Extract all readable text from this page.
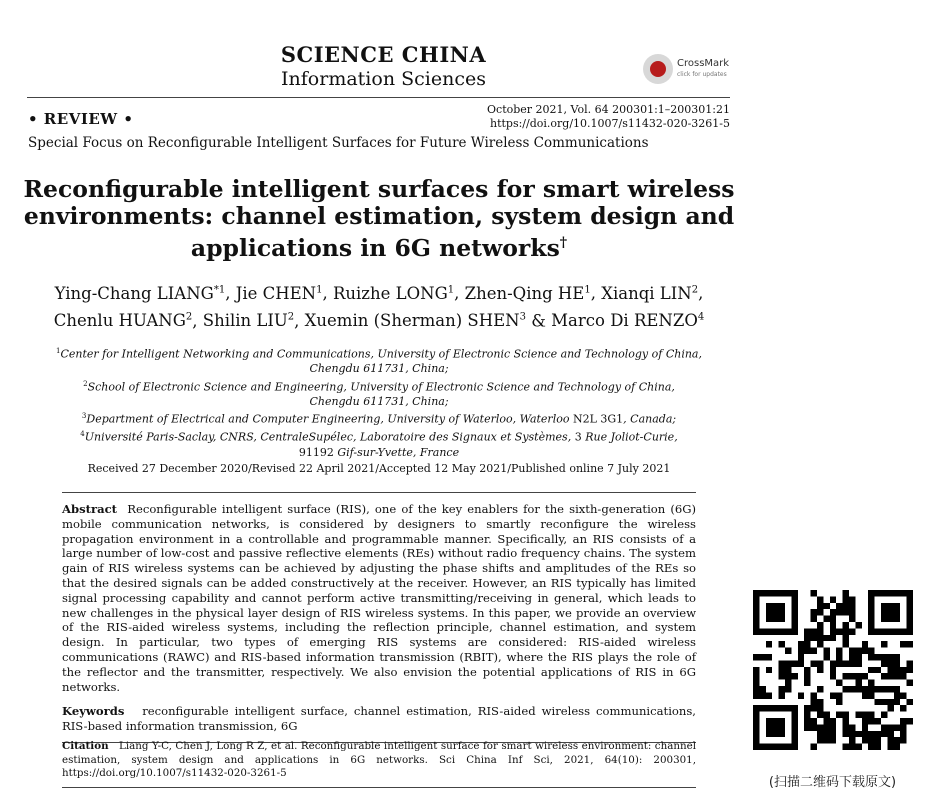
SCIENCE CHINA
Information Sciences
CrossMark
click for updates
• REVIEW •
October 2021, Vol. 64 200301:1–200301:21
https://doi.org/10.1007/s11432-020-3261-5
Special Focus on Reconfigurable Intelligent Surfaces for Future Wireless Communications
Reconfigurable intelligent surfaces for smart wireless
environments: channel estimation, system design and
applications in 6G networks†
Ying-Chang LIANG$^{*1}$, Jie CHEN$^1$, Ruizhe LONG$^1$, Zhen-Qing $HE^1$, Xianqi LIN$^2$,
Chenlu HUANG$^2$, Shilin LIU$^2$, Xuemin (Sherman) SHEN$^3$ & Marco Di RENZO$^4$
$^1$Center for Intelligent Networking and Communications, University of Electronic Science and Technology of China,
Chengdu 611731, China;
$^2$School of Electronic Science and Engineering, University of Electronic Science and Technology of China,
Chengdu 611731, China;
$^3$Department of Electrical and Computer Engineering, University of Waterloo, Waterloo N2L 3G1, Canada;
$^4$Université Paris-Saclay, CNRS, CentraleSupélec, Laboratoire des Signaux et Systèmes, 3 Rue Joliot-Curie,
91192 Gif-sur-Yvette, France
Received 27 December 2020/Revised 22 April 2021/Accepted 12 May 2021/Published online 7 July 2021
Abstract Reconfigurable intelligent surface (RIS), one of the key enablers for the sixth-generation (6G) mobile communication networks, is considered by designers to smartly reconfigure the wireless propagation environment in a controllable and programmable manner. Specifically, an RIS consists of a large number of low-cost and passive reflective elements (REs) without radio frequency chains. The system gain of RIS wireless systems can be achieved by adjusting the phase shifts and amplitudes of the REs so that the desired signals can be added constructively at the receiver. However, an RIS typically has limited signal processing capability and cannot perform active transmitting/receiving in general, which leads to new challenges in the physical layer design of RIS wireless systems. In this paper, we provide an overview of the RIS-aided wireless systems, including the reflection principle, channel estimation, and system design. In particular, two types of emerging RIS systems are considered: RIS-aided wireless communications (RAWC) and RIS-based information transmission (RBIT), where the RIS plays the role of the reflector and the transmitter, respectively. We also envision the potential applications of RIS in 6G networks.
Keywords reconfigurable intelligent surface, channel estimation, RIS-aided wireless communications, RIS-based information transmission, 6G
Citation Liang Y-C, Chen J, Long R Z, et al. Reconfigurable intelligent surface for smart wireless environment: channel estimation, system design and applications in 6G networks. Sci China Inf Sci, 2021, 64(10): 200301, https://doi.org/10.1007/s11432-020-3261-5
(扫描二维码下载原文)
